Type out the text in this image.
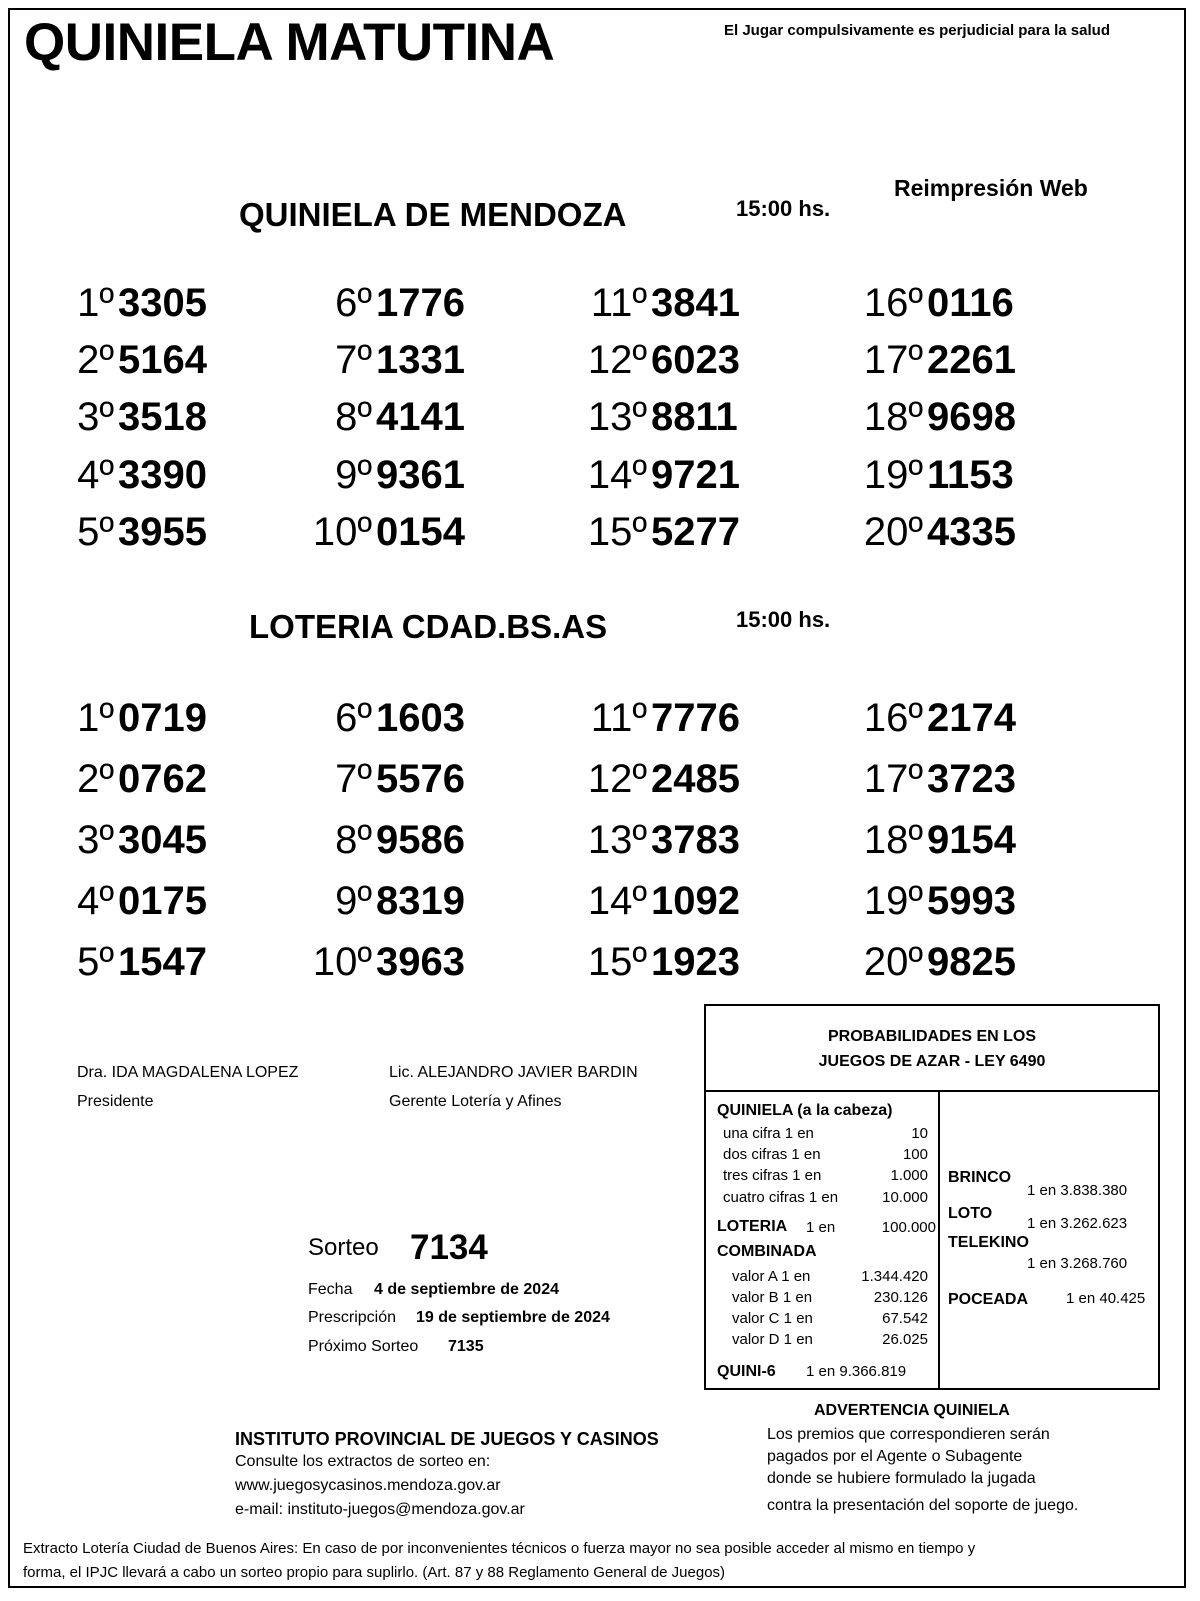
QUINIELA MATUTINA	El Jugar compulsivamente es perjudicial para la salud
Reimpresión Web
QUINIELA DE MENDOZA	15:00 hs.
1º 3305
2º 5164
3º 3518
4º 3390
5º 3955
6º 1776
7º 1331
8º 4141
9º 9361
10º 0154
11º 3841
12º 6023
13º 8811
14º 9721
15º 5277
16º 0116
17º 2261
18º 9698
19º 1153
20º 4335
LOTERIA CDAD.BS.AS	15:00 hs.
1º 0719
2º 0762
3º 3045
4º 0175
5º 1547
6º 1603
7º 5576
8º 9586
9º 8319
10º 3963
11º 7776
12º 2485
13º 3783
14º 1092
15º 1923
16º 2174
17º 3723
18º 9154
19º 5993
20º 9825
Dra. IDA MAGDALENA LOPEZ
Presidente
Lic. ALEJANDRO JAVIER BARDIN
Gerente Lotería y Afines
Sorteo 7134
Fecha 4 de septiembre de 2024
Prescripción 19 de septiembre de 2024
Próximo Sorteo 7135
PROBABILIDADES EN LOS
JUEGOS DE AZAR - LEY 6490
QUINIELA (a la cabeza)
una cifra 1 en	10
dos cifras 1 en	100
tres cifras 1 en	1.000
cuatro cifras 1 en	10.000
LOTERIA 1 en	100.000
COMBINADA
valor A 1 en	1.344.420
valor B 1 en	230.126
valor C 1 en	67.542
valor D 1 en	26.025
QUINI-6 1 en 9.366.819
BRINCO
1 en 3.838.380
LOTO
1 en 3.262.623
TELEKINO
1 en 3.268.760
POCEADA	1 en 40.425
INSTITUTO PROVINCIAL DE JUEGOS Y CASINOS
Consulte los extractos de sorteo en:
www.juegosycasinos.mendoza.gov.ar
e-mail: instituto-juegos@mendoza.gov.ar
ADVERTENCIA QUINIELA
Los premios que correspondieren serán
pagados por el Agente o Subagente
donde se hubiere formulado la jugada
contra la presentación del soporte de juego.
Extracto Lotería Ciudad de Buenos Aires: En caso de por inconvenientes técnicos o fuerza mayor no sea posible acceder al mismo en tiempo y
forma, el IPJC llevará a cabo un sorteo propio para suplirlo. (Art. 87 y 88 Reglamento General de Juegos)
